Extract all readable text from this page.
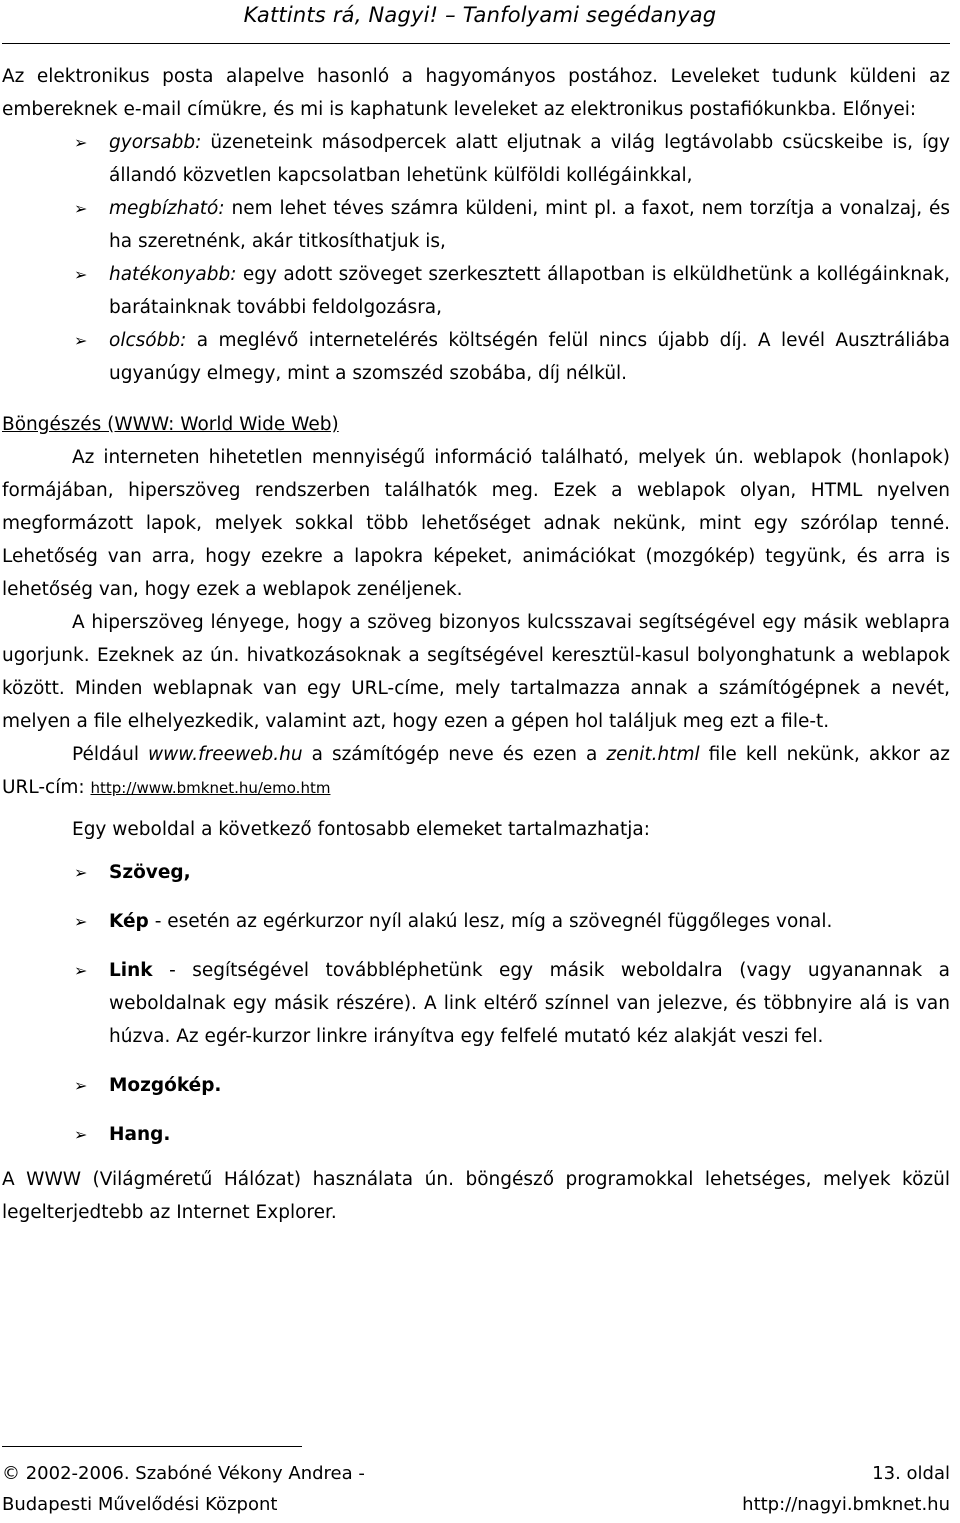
Kattints rá, Nagyi! – Tanfolyami segédanyag

Az elektronikus posta alapelve hasonló a hagyományos postához. Leveleket tudunk küldeni az embereknek e-mail címükre, és mi is kaphatunk leveleket az elektronikus postafiókunkba. Előnyei:

➢	gyorsabb: üzeneteink másodpercek alatt eljutnak a világ legtávolabb csücskeibe is, így állandó közvetlen kapcsolatban lehetünk külföldi kollégáinkkal,
➢	megbízható: nem lehet téves számra küldeni, mint pl. a faxot, nem torzítja a vonalzaj, és ha szeretnénk, akár titkosíthatjuk is,
➢	hatékonyabb: egy adott szöveget szerkesztett állapotban is elküldhetünk a kollégáinknak, barátainknak további feldolgozásra,
➢	olcsóbb: a meglévő internetelérés költségén felül nincs újabb díj. A levél Ausztráliába ugyanúgy elmegy, mint a szomszéd szobába, díj nélkül.

Böngészés (WWW: World Wide Web)

Az interneten hihetetlen mennyiségű információ található, melyek ún. weblapok (honlapok) formájában, hiperszöveg rendszerben találhatók meg. Ezek a weblapok olyan, HTML nyelven megformázott lapok, melyek sokkal több lehetőséget adnak nekünk, mint egy szórólap tenné. Lehetőség van arra, hogy ezekre a lapokra képeket, animációkat (mozgókép) tegyünk, és arra is lehetőség van, hogy ezek a weblapok zenéljenek.

A hiperszöveg lényege, hogy a szöveg bizonyos kulcsszavai segítségével egy másik weblapra ugorjunk. Ezeknek az ún. hivatkozásoknak a segítségével keresztül-kasul bolyonghatunk a weblapok között. Minden weblapnak van egy URL-címe, mely tartalmazza annak a számítógépnek a nevét, melyen a file elhelyezkedik, valamint azt, hogy ezen a gépen hol találjuk meg ezt a file-t.

Például www.freeweb.hu a számítógép neve és ezen a zenit.html file kell nekünk, akkor az URL-cím: http://www.bmknet.hu/emo.htm

Egy weboldal a következő fontosabb elemeket tartalmazhatja:

➢	Szöveg,
➢	Kép - esetén az egérkurzor nyíl alakú lesz, míg a szövegnél függőleges vonal.
➢	Link - segítségével továbbléphetünk egy másik weboldalra (vagy ugyanannak a weboldalnak egy másik részére). A link eltérő színnel van jelezve, és többnyire alá is van húzva. Az egér-kurzor linkre irányítva egy felfelé mutató kéz alakját veszi fel.
➢	Mozgókép.
➢	Hang.

A WWW (Világméretű Hálózat) használata ún. böngésző programokkal lehetséges, melyek közül legelterjedtebb az Internet Explorer.

© 2002-2006. Szabóné Vékony Andrea -	13. oldal
Budapesti Művelődési Központ	http://nagyi.bmknet.hu
